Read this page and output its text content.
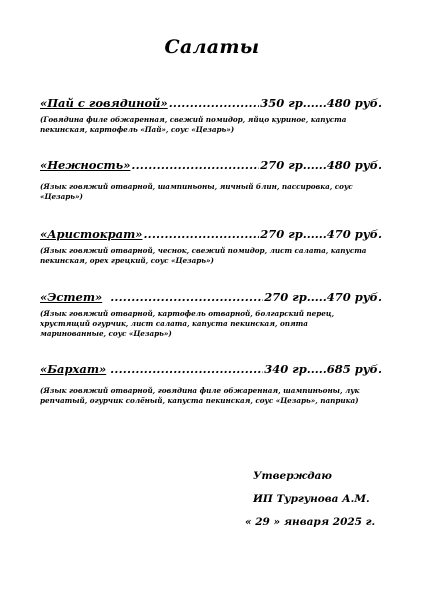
Салаты
«Пай с говядиной» .....	350 гр......480 руб.
(Говядина филе обжаренная, свежий помидор, яйцо куриное, капуста пекинская, картофель «Пай», соус «Цезарь»)
«Нежность» .....	270 гр......480 руб.
(Язык говяжий отварной, шампиньоны, яичный блин, пассировка, соус «Цезарь»)
«Аристократ» .....	270 гр......470 руб.
(Язык говяжий отварной, чеснок, свежий помидор, лист салата, капуста пекинская, орех грецкий, соус «Цезарь»)
«Эстет» .....	270 гр.....470 руб.
(Язык говяжий отварной, картофель отварной, болгарский перец, хрустящий огурчик, лист салата, капуста пекинская, опята маринованные, соус «Цезарь»)
«Бархат» .....	340 гр.....685 руб.
(Язык говяжий отварной, говядина филе обжаренная, шампиньоны, лук репчатый, огурчик солёный, капуста пекинская, соус «Цезарь», паприка)
Утверждаю
ИП Тургунова А.М.
« 29 » января 2025 г.
